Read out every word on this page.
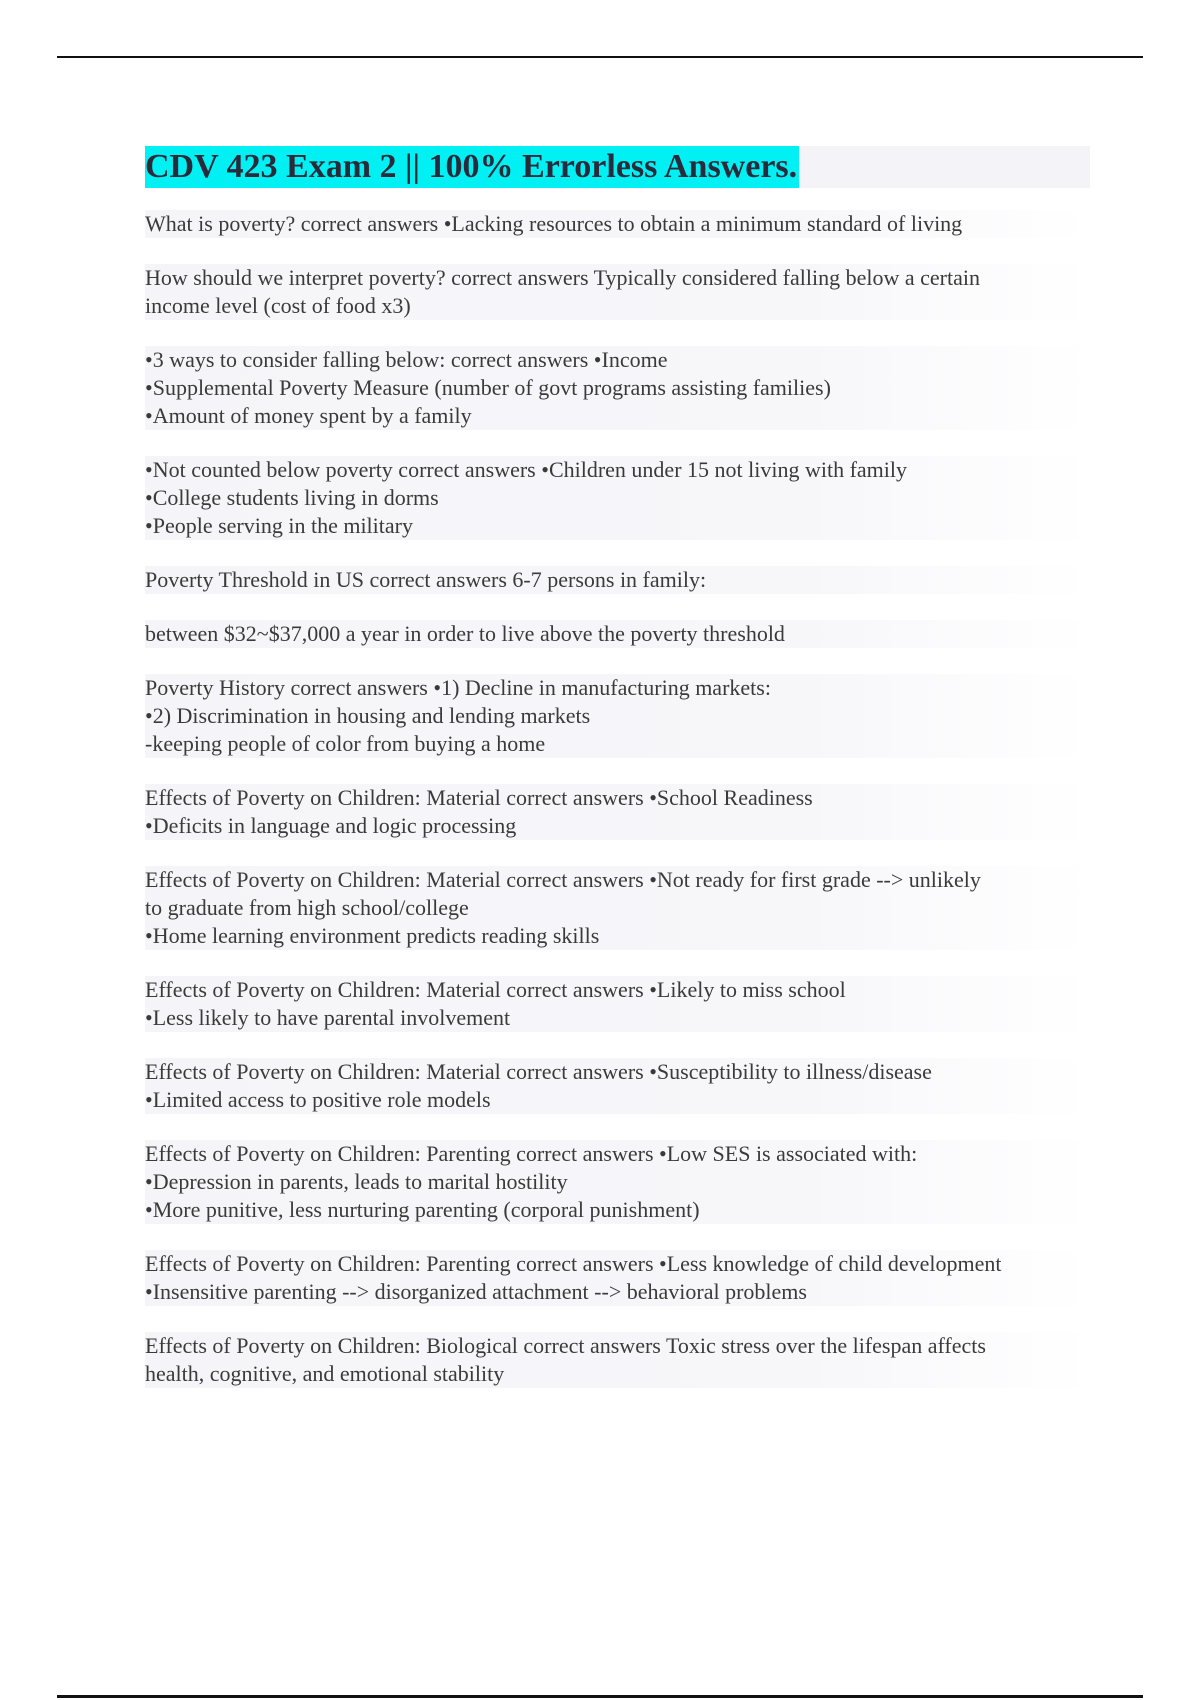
CDV 423 Exam 2 || 100% Errorless Answers.
What is poverty? correct answers •Lacking resources to obtain a minimum standard of living
How should we interpret poverty? correct answers Typically considered falling below a certain
income level (cost of food x3)
•3 ways to consider falling below: correct answers •Income
•Supplemental Poverty Measure (number of govt programs assisting families)
•Amount of money spent by a family
•Not counted below poverty correct answers •Children under 15 not living with family
•College students living in dorms
•People serving in the military
Poverty Threshold in US correct answers 6-7 persons in family:
between $32~$37,000 a year in order to live above the poverty threshold
Poverty History correct answers •1) Decline in manufacturing markets:
•2) Discrimination in housing and lending markets
-keeping people of color from buying a home
Effects of Poverty on Children: Material correct answers •School Readiness
•Deficits in language and logic processing
Effects of Poverty on Children: Material correct answers •Not ready for first grade --> unlikely
to graduate from high school/college
•Home learning environment predicts reading skills
Effects of Poverty on Children: Material correct answers •Likely to miss school
•Less likely to have parental involvement
Effects of Poverty on Children: Material correct answers •Susceptibility to illness/disease
•Limited access to positive role models
Effects of Poverty on Children: Parenting correct answers •Low SES is associated with:
•Depression in parents, leads to marital hostility
•More punitive, less nurturing parenting (corporal punishment)
Effects of Poverty on Children: Parenting correct answers •Less knowledge of child development
•Insensitive parenting --> disorganized attachment --> behavioral problems
Effects of Poverty on Children: Biological correct answers Toxic stress over the lifespan affects
health, cognitive, and emotional stability
